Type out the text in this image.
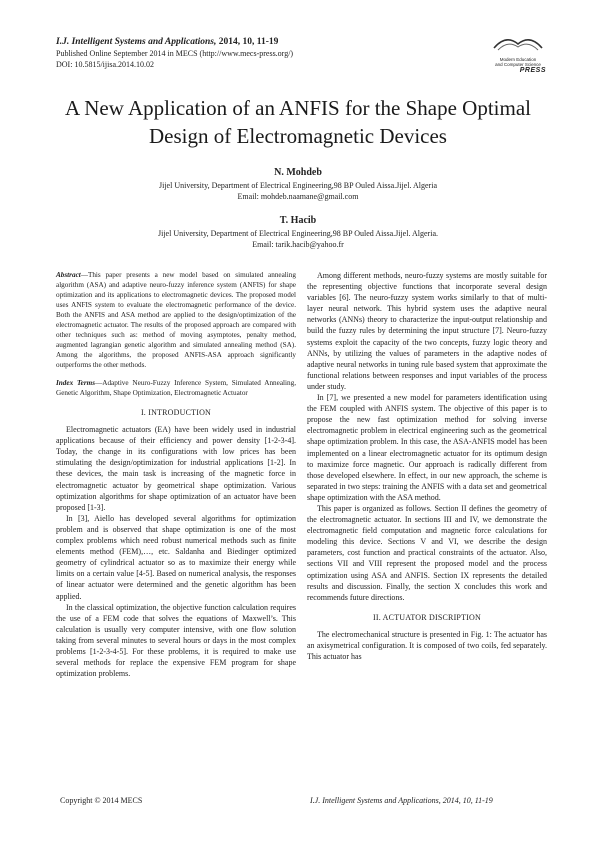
I.J. Intelligent Systems and Applications, 2014, 10, 11-19
Published Online September 2014 in MECS (http://www.mecs-press.org/)
DOI: 10.5815/ijisa.2014.10.02
Modern Education
and Computer Science
PRESS
A New Application of an ANFIS for the Shape Optimal Design of Electromagnetic Devices
N. Mohdeb
Jijel University, Department of Electrical Engineering,98 BP Ouled Aissa.Jijel. Algeria
Email: mohdeb.naamane@gmail.com
T. Hacib
Jijel University, Department of Electrical Engineering,98 BP Ouled Aissa.Jijel. Algeria.
Email: tarik.hacib@yahoo.fr
Abstract—This paper presents a new model based on simulated annealing algorithm (ASA) and adaptive neuro-fuzzy inference system (ANFIS) for shape optimization and its applications to electromagnetic devices. The proposed model uses ANFIS system to evaluate the electromagnetic performance of the device. Both the ANFIS and ASA method are applied to the design/optimization of the electromagnetic actuator. The results of the proposed approach are compared with other techniques such as: method of moving asymptotes, penalty method, augmented lagrangian genetic algorithm and simulated annealing method (SA). Among the algorithms, the proposed ANFIS-ASA approach significantly outperforms the other methods.
Index Terms—Adaptive Neuro-Fuzzy Inference System, Simulated Annealing, Genetic Algorithm, Shape Optimization, Electromagnetic Actuator
I. INTRODUCTION

Electromagnetic actuators (EA) have been widely used in industrial applications because of their efficiency and power density [1-2-3-4]. Today, the change in its configurations with low prices has been stimulating the design/optimization for industrial applications [1-2]. In these devices, the main task is increasing of the magnetic force in electromagnetic actuator by geometrical shape optimization. Various optimization algorithms for shape optimization of an actuator have been proposed [1-3].

In [3], Aiello has developed several algorithms for optimization problem and is observed that shape optimization is one of the most complex problems which need robust numerical methods such as finite elements method (FEM),…, etc. Saldanha and Biedinger optimized geometry of cylindrical actuator so as to maximize their energy while limits on a certain value [4-5]. Based on numerical analysis, the responses of linear actuator were determined and the genetic algorithm has been applied.

In the classical optimization, the objective function calculation requires the use of a FEM code that solves the equations of Maxwell’s. This calculation is usually very computer intensive, with one flow solution taking from several minutes to several hours or days in the most complex problems [1-2-3-4-5]. For these problems, it is required to make use several methods for replace the expensive FEM program for shape optimization problems.

Among different methods, neuro-fuzzy systems are mostly suitable for the representing objective functions that incorporate several design variables [6]. The neuro-fuzzy system works similarly to that of multi-layer neural network. This hybrid system uses the adaptive neural networks (ANNs) theory to characterize the input-output relationship and build the fuzzy rules by determining the input structure [7]. Neuro-fuzzy systems exploit the capacity of the two concepts, fuzzy logic theory and ANNs, by utilizing the values of parameters in the adaptive nodes of adaptive neural networks in tuning rule based system that approximate the functional relations between responses and input variables of the process under study.

In [7], we presented a new model for parameters identification using the FEM coupled with ANFIS system. The objective of this paper is to propose the new fast optimization method for solving inverse electromagnetic problem in electrical engineering such as the geometrical shape optimization problem. In this case, the ASA-ANFIS model has been implemented on a linear electromagnetic actuator for its optimum design to maximize force magnetic. Our approach is radically different from those developed elsewhere. In effect, in our new approach, the scheme is separated in two steps: training the ANFIS with a data set and geometrical shape optimization with the ASA method.

This paper is organized as follows. Section II defines the geometry of the electromagnetic actuator. In sections III and IV, we demonstrate the electromagnetic field computation and magnetic force calculations for modeling this device. Sections V and VI, we describe the design parameters, cost function and practical constraints of the actuator. Also, sections VII and VIII represent the proposed model and the process optimization using ASA and ANFIS. Section IX represents the detailed results and discussion. Finally, the section X concludes this work and recommends future directions.

II. ACTUATOR DISCRIPTION

The electromechanical structure is presented in Fig. 1: The actuator has an axisymetrical configuration. It is composed of two coils, fed separately. This actuator has

Copyright © 2014 MECS	I.J. Intelligent Systems and Applications, 2014, 10, 11-19
